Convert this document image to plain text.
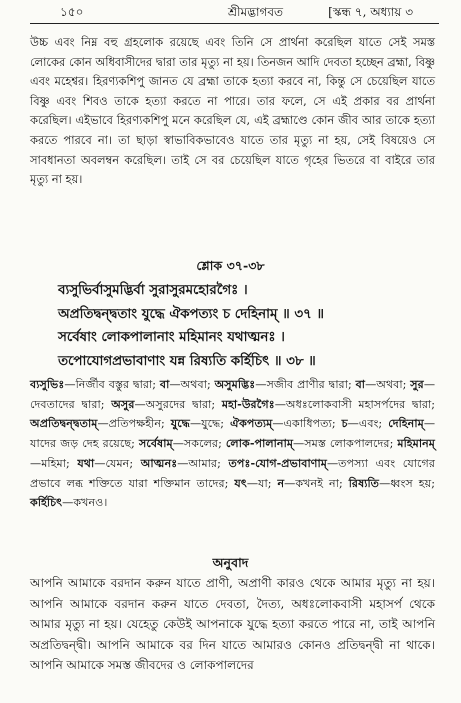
১৫০	শ্রীমদ্ভাগবত	[স্কন্ধ ৭, অধ্যায় ৩
উচ্চ এবং নিম্ন বহু গ্রহলোক রয়েছে এবং তিনি সে প্রার্থনা করেছিল যাতে সেই সমস্ত লোকের কোন অধিবাসীদের দ্বারা তার মৃত্যু না হয়। তিনজন আদি দেবতা হচ্ছেন ব্রহ্মা, বিষ্ণু এবং মহেশ্বর। হিরণ্যকশিপু জানত যে ব্রহ্মা তাকে হত্যা করবে না, কিন্তু সে চেয়েছিল যাতে বিষ্ণু এবং শিবও তাকে হত্যা করতে না পারে। তার ফলে, সে এই প্রকার বর প্রার্থনা করেছিল। এইভাবে হিরণ্যকশিপু মনে করেছিল যে, এই ব্রহ্মাণ্ডে কোন জীব আর তাকে হত্যা করতে পারবে না। তা ছাড়া স্বাভাবিকভাবেও যাতে তার মৃত্যু না হয়, সেই বিষয়েও সে সাবধানতা অবলম্বন করেছিল। তাই সে বর চেয়েছিল যাতে গৃহের ভিতরে বা বাইরে তার মৃত্যু না হয়।
শ্লোক ৩৭-৩৮
ব্যসুভির্বাসুমদ্ভির্বা সুরাসুরমহোরগৈঃ ।
অপ্রতিদ্বন্দ্বতাং যুদ্ধে ঐকপত্যং চ দেহিনাম্ ॥ ৩৭ ॥
সর্বেষাং লোকপালানাং মহিমানং যথাত্মনঃ ।
তপোযোগপ্রভাবাণাং যন্ন রিষ্যতি কর্হিচিৎ ॥ ৩৮ ॥
ব্যসুভিঃ—নির্জীব বস্তুর দ্বারা; বা—অথবা; অসুমদ্ভিঃ—সজীব প্রাণীর দ্বারা; বা—অথবা; সুর—দেবতাদের দ্বারা; অসুর—অসুরদের দ্বারা; মহা-উরগৈঃ—অধঃলোকবাসী মহাসর্পদের দ্বারা; অপ্রতিদ্বন্দ্বতাম্—প্রতিপক্ষহীন; যুদ্ধে—যুদ্ধে; ঐকপত্যম্—একাধিপত্য; চ—এবং; দেহিনাম্—যাদের জড় দেহ রয়েছে; সর্বেষাম্—সকলের; লোক-পালানাম্—সমস্ত লোকপালদের; মহিমানম্—মহিমা; যথা—যেমন; আত্মনঃ—আমার; তপঃ-যোগ-প্রভাবাণাম্—তপস্যা এবং যোগের প্রভাবে লব্ধ শক্তিতে যারা শক্তিমান তাদের; যৎ—যা; ন—কখনই না; রিষ্যতি—ধ্বংস হয়; কর্হিচিৎ—কখনও।
অনুবাদ
আপনি আমাকে বরদান করুন যাতে প্রাণী, অপ্রাণী কারও থেকে আমার মৃত্যু না হয়। আপনি আমাকে বরদান করুন যাতে দেবতা, দৈত্য, অধঃলোকবাসী মহাসর্প থেকে আমার মৃত্যু না হয়। যেহেতু কেউই আপনাকে যুদ্ধে হত্যা করতে পারে না, তাই আপনি অপ্রতিদ্বন্দ্বী। আপনি আমাকে বর দিন যাতে আমারও কোনও প্রতিদ্বন্দ্বী না থাকে। আপনি আমাকে সমস্ত জীবদের ও লোকপালদের
